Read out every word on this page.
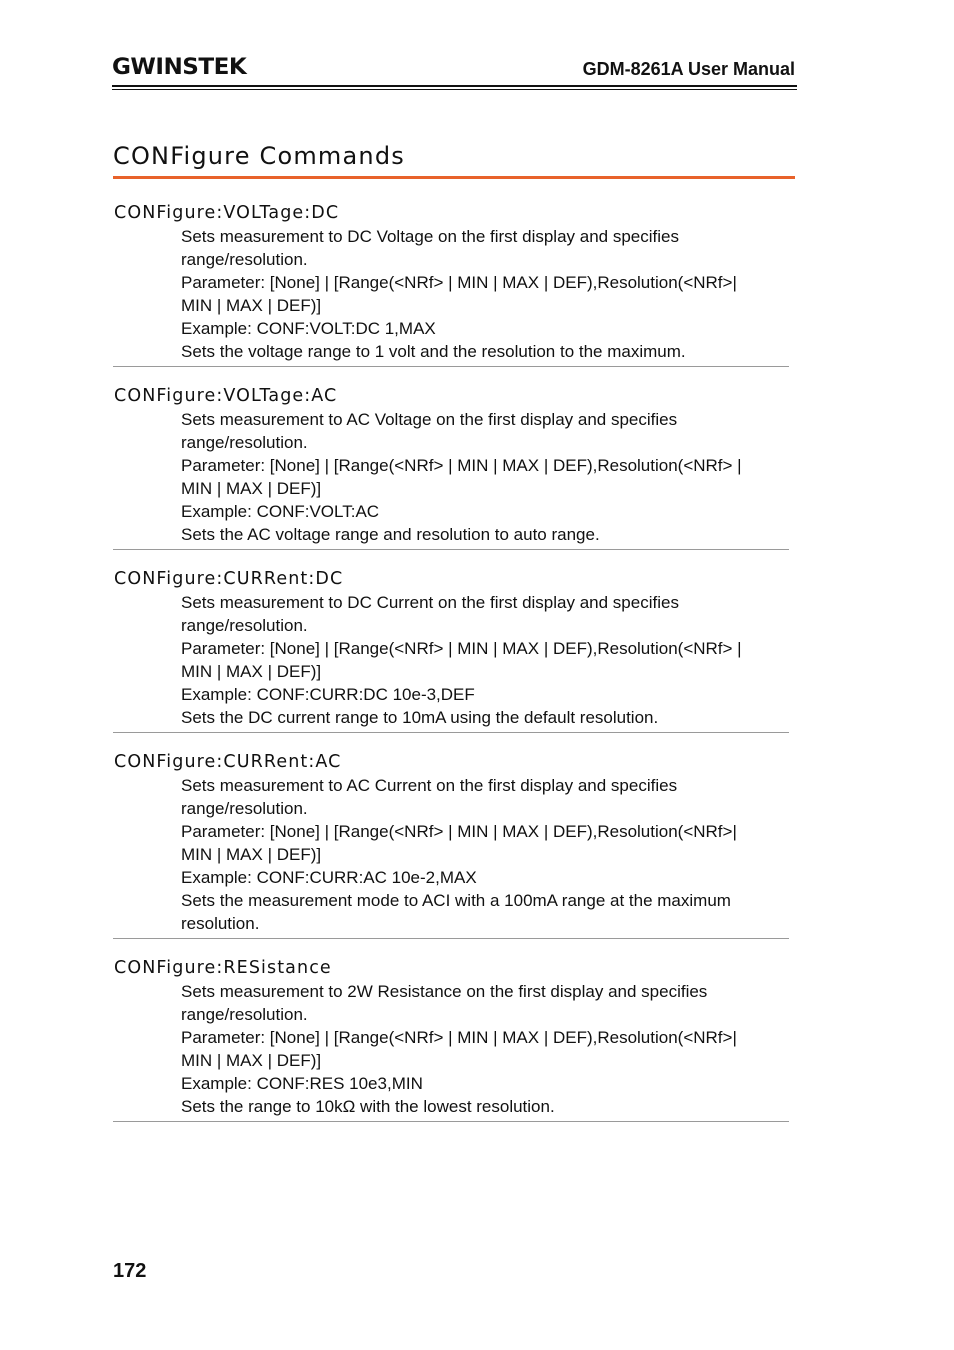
GWINSTEK	GDM-8261A User Manual
CONFigure Commands
CONFigure:VOLTage:DC
Sets measurement to DC Voltage on the first display and specifies
range/resolution.
Parameter: [None] | [Range(<NRf> | MIN | MAX | DEF),Resolution(<NRf>|
MIN | MAX | DEF)]
Example: CONF:VOLT:DC 1,MAX
Sets the voltage range to 1 volt and the resolution to the maximum.
CONFigure:VOLTage:AC
Sets measurement to AC Voltage on the first display and specifies
range/resolution.
Parameter: [None] | [Range(<NRf> | MIN | MAX | DEF),Resolution(<NRf> |
MIN | MAX | DEF)]
Example: CONF:VOLT:AC
Sets the AC voltage range and resolution to auto range.
CONFigure:CURRent:DC
Sets measurement to DC Current on the first display and specifies
range/resolution.
Parameter: [None] | [Range(<NRf> | MIN | MAX | DEF),Resolution(<NRf> |
MIN | MAX | DEF)]
Example: CONF:CURR:DC 10e-3,DEF
Sets the DC current range to 10mA using the default resolution.
CONFigure:CURRent:AC
Sets measurement to AC Current on the first display and specifies
range/resolution.
Parameter: [None] | [Range(<NRf> | MIN | MAX | DEF),Resolution(<NRf>|
MIN | MAX | DEF)]
Example: CONF:CURR:AC 10e-2,MAX
Sets the measurement mode to ACI with a 100mA range at the maximum
resolution.
CONFigure:RESistance
Sets measurement to 2W Resistance on the first display and specifies
range/resolution.
Parameter: [None] | [Range(<NRf> | MIN | MAX | DEF),Resolution(<NRf>|
MIN | MAX | DEF)]
Example: CONF:RES 10e3,MIN
Sets the range to 10kΩ with the lowest resolution.
172
